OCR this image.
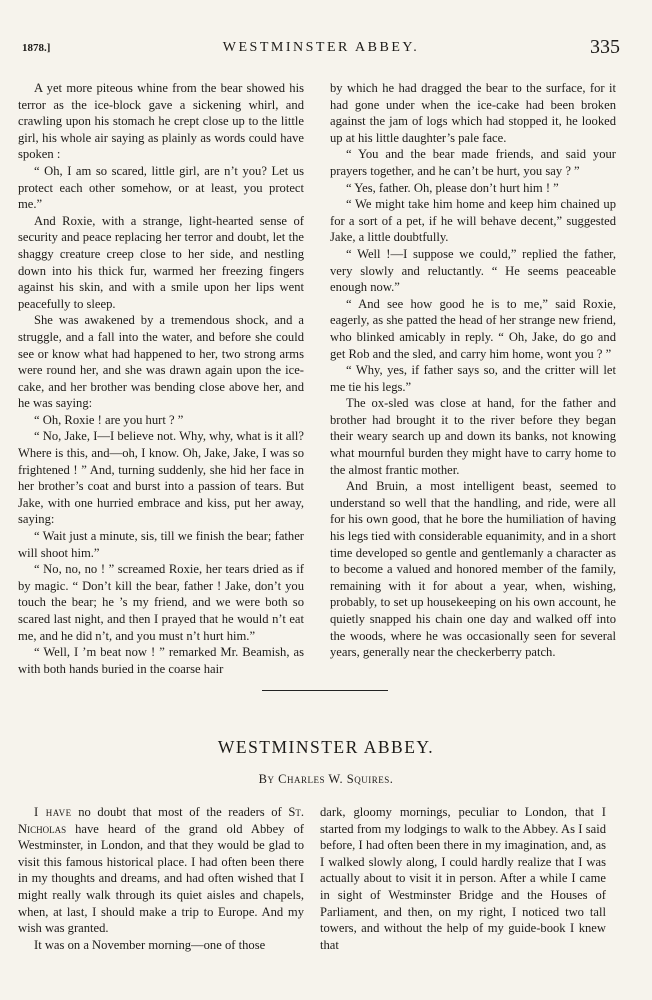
1878.]	WESTMINSTER ABBEY.	335

A yet more piteous whine from the bear showed his terror as the ice-block gave a sickening whirl, and crawling upon his stomach he crept close up to the little girl, his whole air saying as plainly as words could have spoken :

“ Oh, I am so scared, little girl, are n’t you? Let us protect each other somehow, or at least, you protect me.”

And Roxie, with a strange, light-hearted sense of security and peace replacing her terror and doubt, let the shaggy creature creep close to her side, and nestling down into his thick fur, warmed her freezing fingers against his skin, and with a smile upon her lips went peacefully to sleep.

She was awakened by a tremendous shock, and a struggle, and a fall into the water, and before she could see or know what had happened to her, two strong arms were round her, and she was drawn again upon the ice-cake, and her brother was bending close above her, and he was saying:

“ Oh, Roxie ! are you hurt ? ”

“ No, Jake, I—I believe not. Why, why, what is it all? Where is this, and—oh, I know. Oh, Jake, Jake, I was so frightened ! ” And, turning suddenly, she hid her face in her brother’s coat and burst into a passion of tears. But Jake, with one hurried embrace and kiss, put her away, saying:

“ Wait just a minute, sis, till we finish the bear; father will shoot him.”

“ No, no, no ! ” screamed Roxie, her tears dried as if by magic. “ Don’t kill the bear, father ! Jake, don’t you touch the bear; he ’s my friend, and we were both so scared last night, and then I prayed that he would n’t eat me, and he did n’t, and you must n’t hurt him.”

“ Well, I ’m beat now ! ” remarked Mr. Beamish, as with both hands buried in the coarse hair

by which he had dragged the bear to the surface, for it had gone under when the ice-cake had been broken against the jam of logs which had stopped it, he looked up at his little daughter’s pale face.

“ You and the bear made friends, and said your prayers together, and he can’t be hurt, you say ? ”

“ Yes, father. Oh, please don’t hurt him ! ”

“ We might take him home and keep him chained up for a sort of a pet, if he will behave decent,” suggested Jake, a little doubtfully.

“ Well !—I suppose we could,” replied the father, very slowly and reluctantly. “ He seems peaceable enough now.”

“ And see how good he is to me,” said Roxie, eagerly, as she patted the head of her strange new friend, who blinked amicably in reply. “ Oh, Jake, do go and get Rob and the sled, and carry him home, wont you ? ”

“ Why, yes, if father says so, and the critter will let me tie his legs.”

The ox-sled was close at hand, for the father and brother had brought it to the river before they began their weary search up and down its banks, not knowing what mournful burden they might have to carry home to the almost frantic mother.

And Bruin, a most intelligent beast, seemed to understand so well that the handling, and ride, were all for his own good, that he bore the humiliation of having his legs tied with considerable equanimity, and in a short time developed so gentle and gentlemanly a character as to become a valued and honored member of the family, remaining with it for about a year, when, wishing, probably, to set up housekeeping on his own account, he quietly snapped his chain one day and walked off into the woods, where he was occasionally seen for several years, generally near the checkerberry patch.

WESTMINSTER ABBEY.
By Charles W. Squires.

I have no doubt that most of the readers of St. Nicholas have heard of the grand old Abbey of Westminster, in London, and that they would be glad to visit this famous historical place. I had often been there in my thoughts and dreams, and had often wished that I might really walk through its quiet aisles and chapels, when, at last, I should make a trip to Europe. And my wish was granted.

It was on a November morning—one of those

dark, gloomy mornings, peculiar to London, that I started from my lodgings to walk to the Abbey. As I said before, I had often been there in my imagination, and, as I walked slowly along, I could hardly realize that I was actually about to visit it in person. After a while I came in sight of Westminster Bridge and the Houses of Parliament, and then, on my right, I noticed two tall towers, and without the help of my guide-book I knew that
